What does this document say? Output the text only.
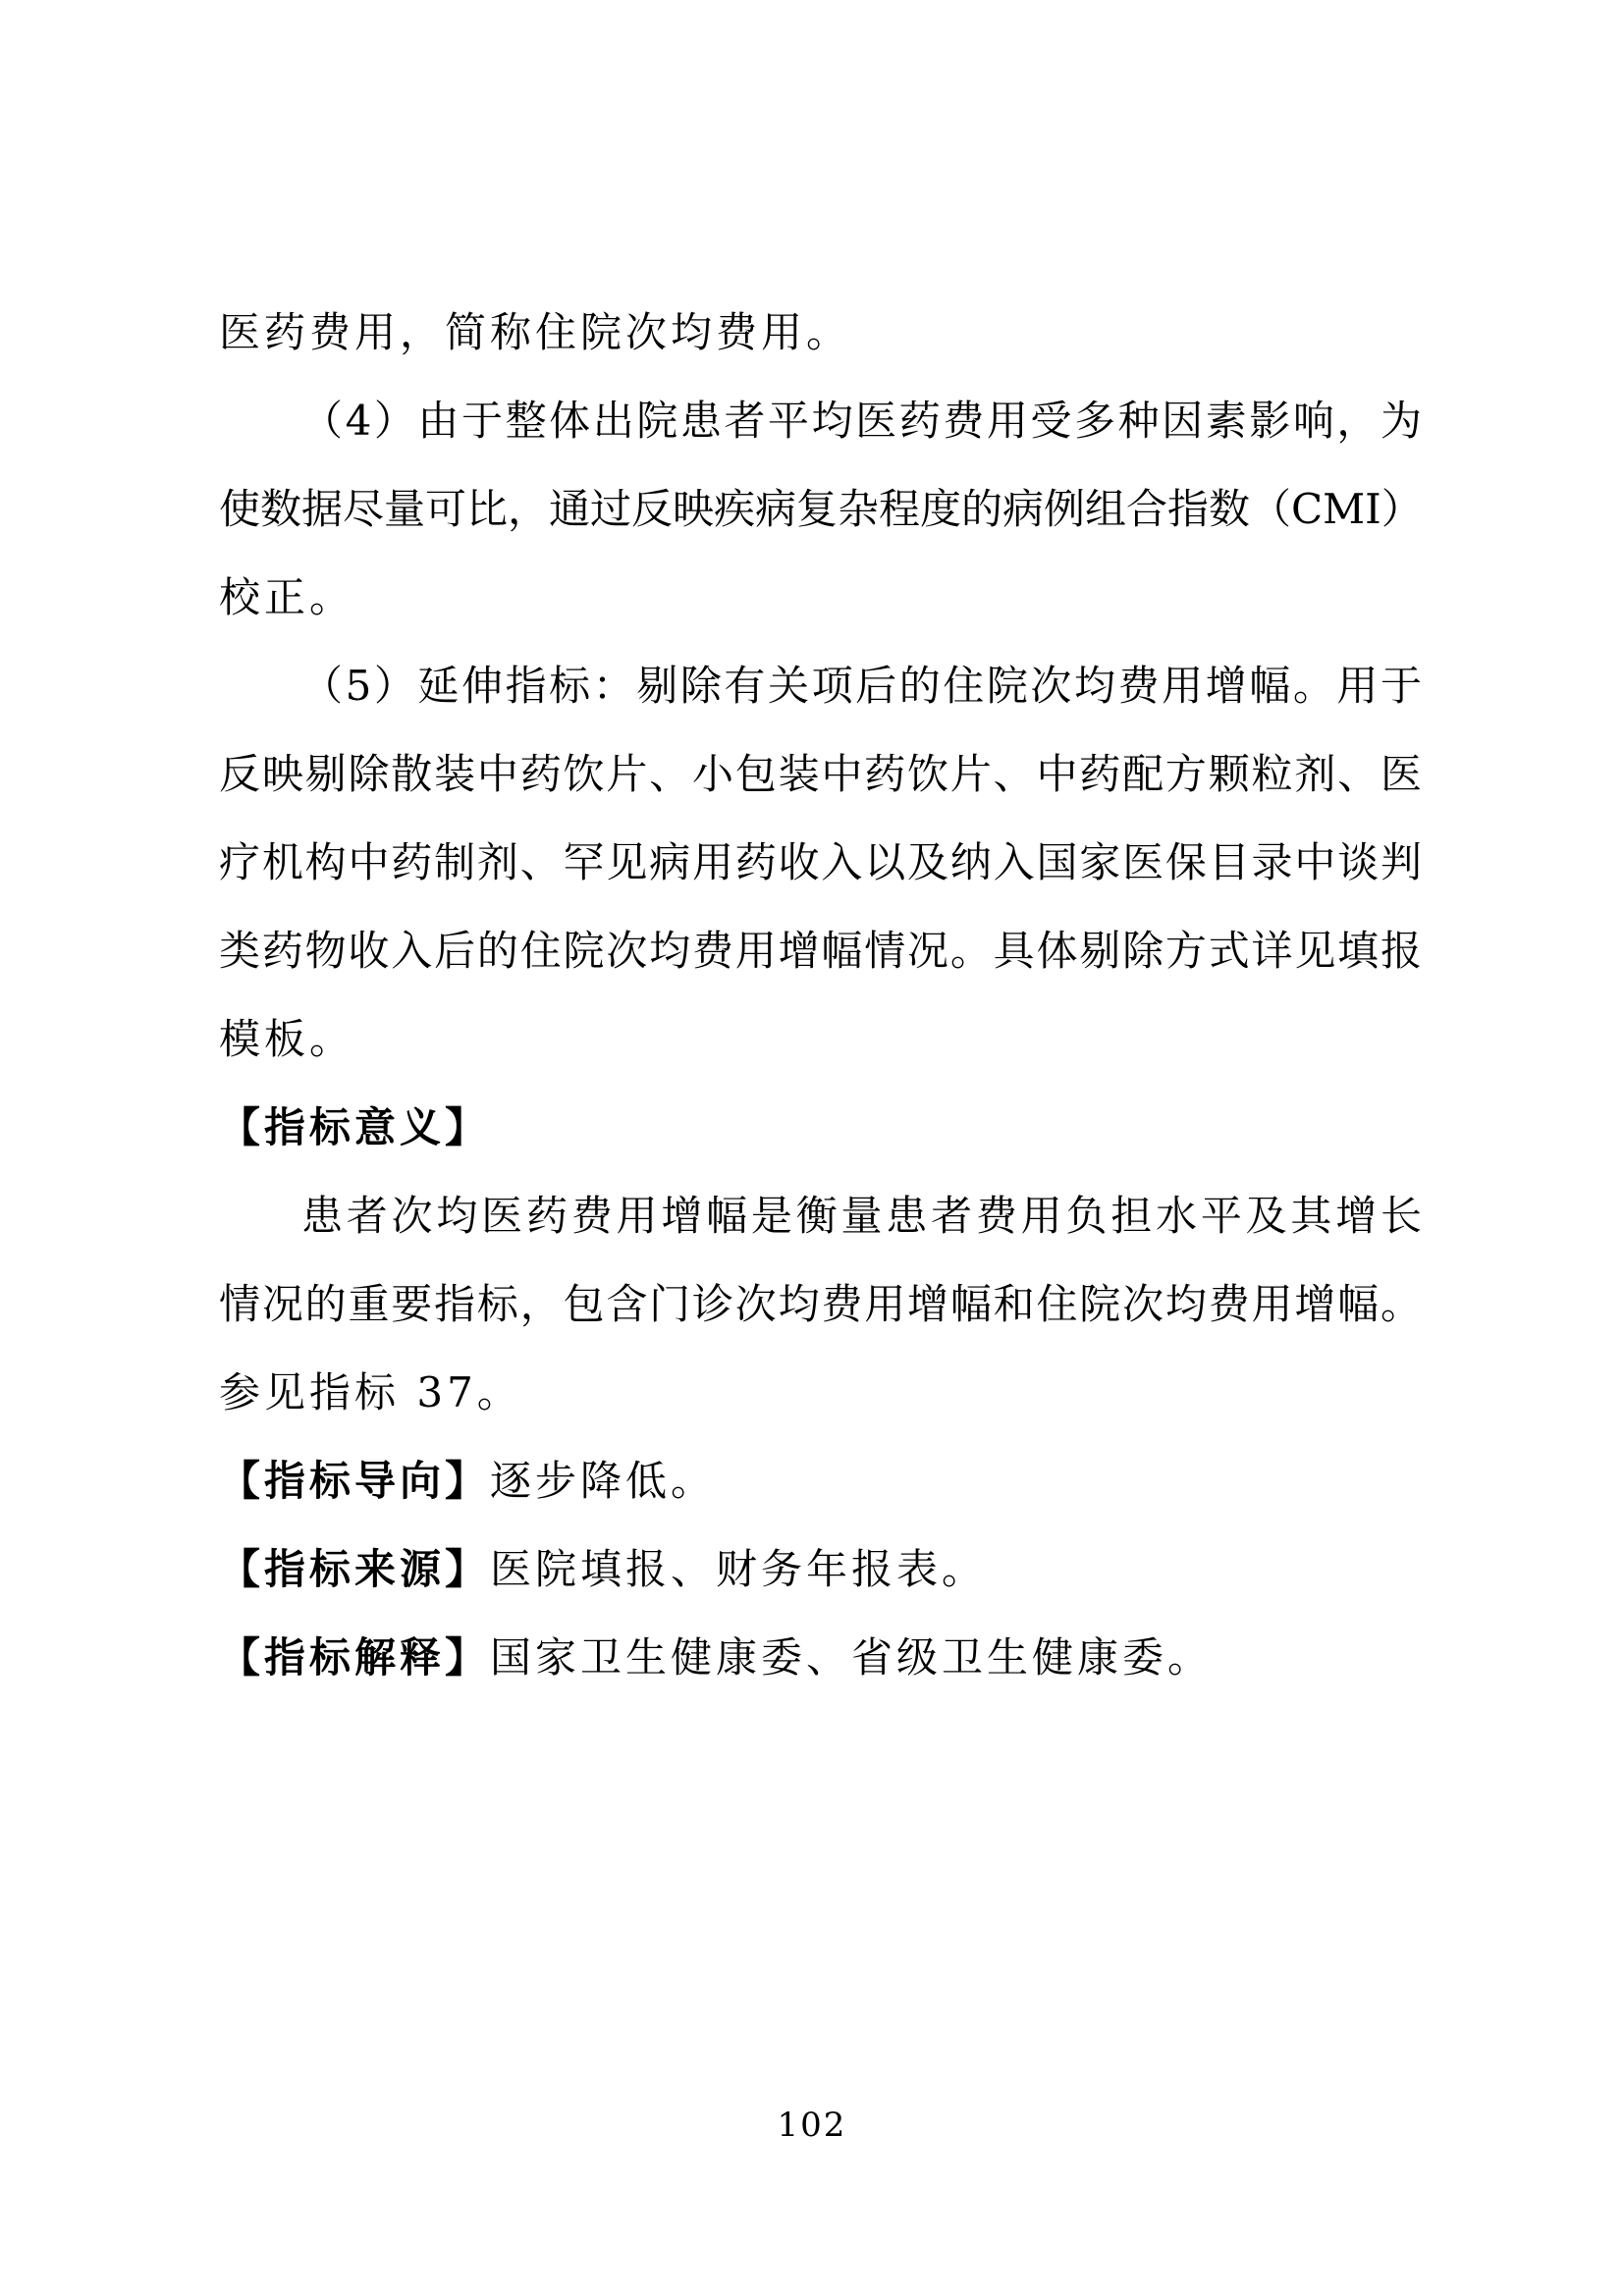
医药费用，简称住院次均费用。
（4）由于整体出院患者平均医药费用受多种因素影响，为
使数据尽量可比，通过反映疾病复杂程度的病例组合指数（CMI）
校正。
（5）延伸指标：剔除有关项后的住院次均费用增幅。用于
反映剔除散装中药饮片、小包装中药饮片、中药配方颗粒剂、医
疗机构中药制剂、罕见病用药收入以及纳入国家医保目录中谈判
类药物收入后的住院次均费用增幅情况。具体剔除方式详见填报
模板。
【指标意义】
患者次均医药费用增幅是衡量患者费用负担水平及其增长
情况的重要指标，包含门诊次均费用增幅和住院次均费用增幅。
参见指标 37。
【指标导向】逐步降低。
【指标来源】医院填报、财务年报表。
【指标解释】国家卫生健康委、省级卫生健康委。
102
